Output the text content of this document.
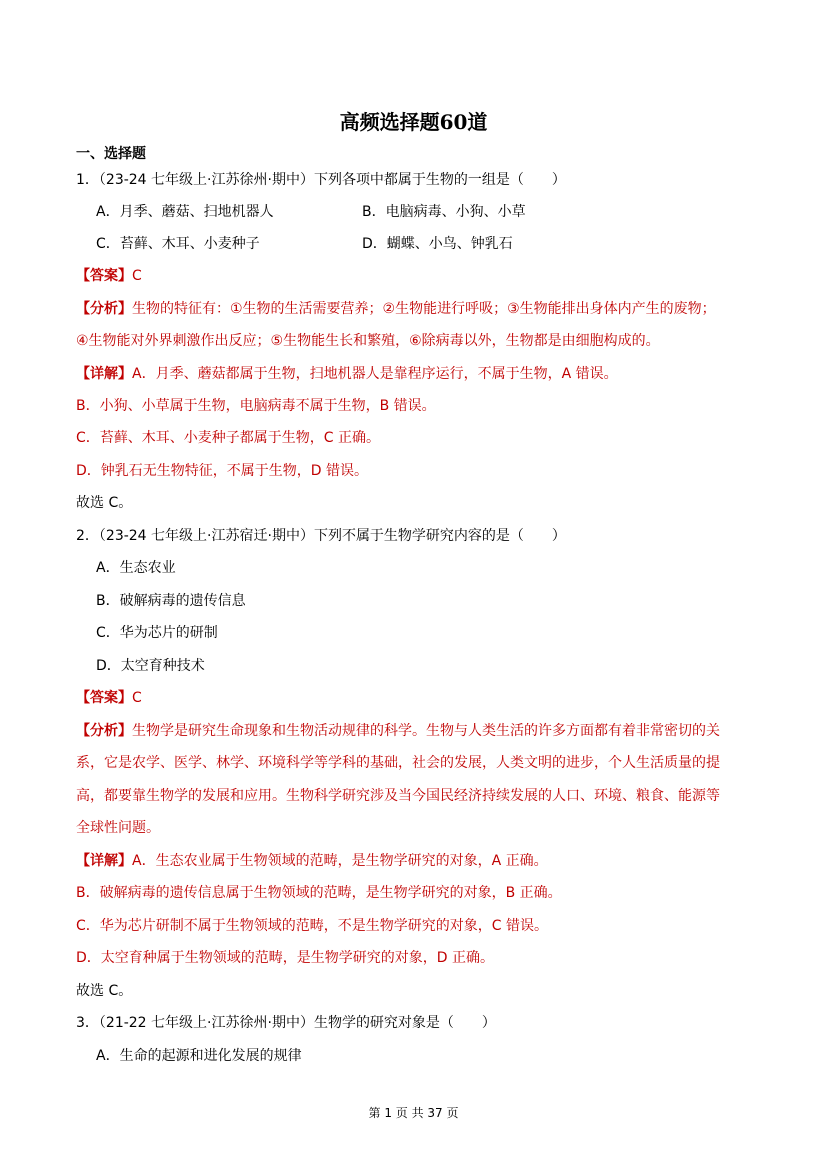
高频选择题60道
一、选择题
1．（23-24 七年级上·江苏徐州·期中）下列各项中都属于生物的一组是（　　）
A．月季、蘑菇、扫地机器人	B．电脑病毒、小狗、小草
C．苔藓、木耳、小麦种子	D．蝴蝶、小鸟、钟乳石
【答案】C
【分析】生物的特征有：①生物的生活需要营养；②生物能进行呼吸；③生物能排出身体内产生的废物；
④生物能对外界刺激作出反应；⑤生物能生长和繁殖，⑥除病毒以外，生物都是由细胞构成的。
【详解】A．月季、蘑菇都属于生物，扫地机器人是靠程序运行，不属于生物，A 错误。
B．小狗、小草属于生物，电脑病毒不属于生物，B 错误。
C．苔藓、木耳、小麦种子都属于生物，C 正确。
D．钟乳石无生物特征，不属于生物，D 错误。
故选 C。
2．（23-24 七年级上·江苏宿迁·期中）下列不属于生物学研究内容的是（　　）
A．生态农业
B．破解病毒的遗传信息
C．华为芯片的研制
D．太空育种技术
【答案】C
【分析】生物学是研究生命现象和生物活动规律的科学。生物与人类生活的许多方面都有着非常密切的关
系，它是农学、医学、林学、环境科学等学科的基础，社会的发展，人类文明的进步，个人生活质量的提
高，都要靠生物学的发展和应用。生物科学研究涉及当今国民经济持续发展的人口、环境、粮食、能源等
全球性问题。
【详解】A．生态农业属于生物领域的范畴，是生物学研究的对象，A 正确。
B．破解病毒的遗传信息属于生物领域的范畴，是生物学研究的对象，B 正确。
C．华为芯片研制不属于生物领域的范畴，不是生物学研究的对象，C 错误。
D．太空育种属于生物领域的范畴，是生物学研究的对象，D 正确。
故选 C。
3．（21-22 七年级上·江苏徐州·期中）生物学的研究对象是（　　）
A．生命的起源和进化发展的规律
第 1 页 共 37 页
